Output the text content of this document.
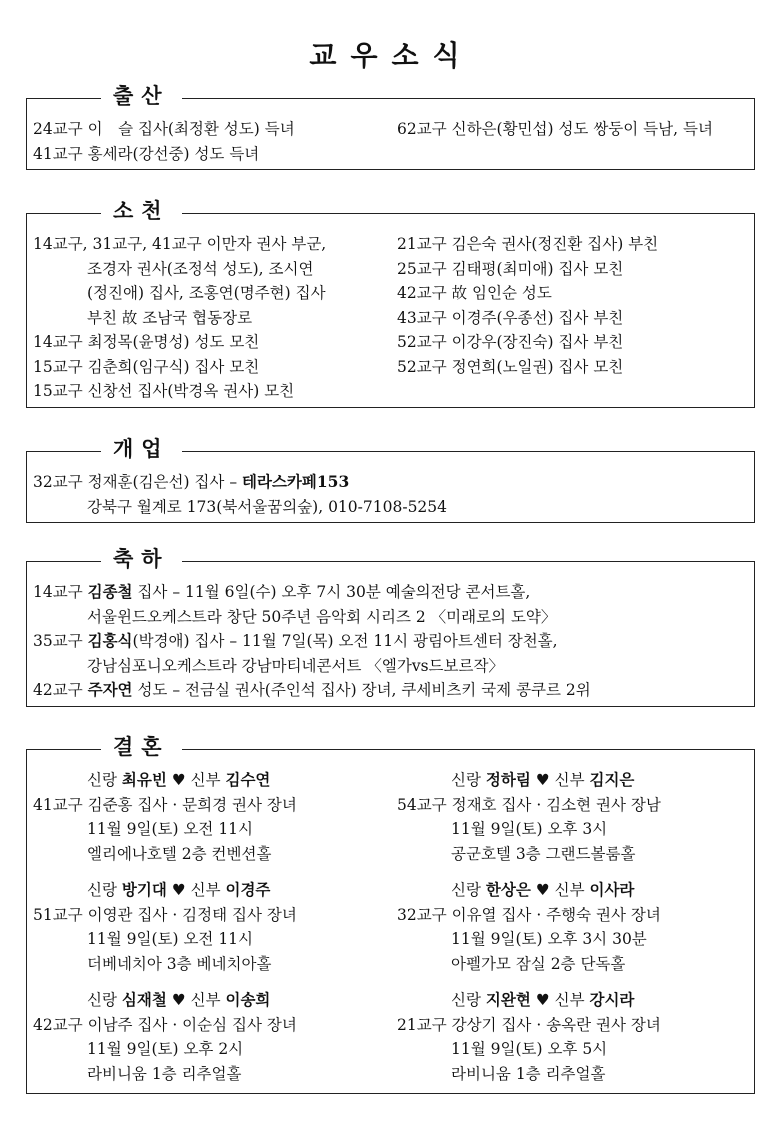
교우소식
출산
24교구 이　슬 집사(최정환 성도) 득녀
41교구 홍세라(강선중) 성도 득녀
62교구 신하은(황민섭) 성도 쌍둥이 득남, 득녀
소천
14교구, 31교구, 41교구 이만자 권사 부군,
조경자 권사(조정석 성도), 조시연
(정진애) 집사, 조홍연(명주현) 집사
부친 故 조남국 협동장로
14교구 최정목(윤명성) 성도 모친
15교구 김춘희(임구식) 집사 모친
15교구 신창선 집사(박경옥 권사) 모친
21교구 김은숙 권사(정진환 집사) 부친
25교구 김태평(최미애) 집사 모친
42교구 故 임인순 성도
43교구 이경주(우종선) 집사 부친
52교구 이강우(장진숙) 집사 부친
52교구 정연희(노일권) 집사 모친
개업
32교구 정재훈(김은선) 집사 – 테라스카페153
강북구 월계로 173(북서울꿈의숲), 010-7108-5254
축하
14교구 김종철 집사 – 11월 6일(수) 오후 7시 30분 예술의전당 콘서트홀,
서울윈드오케스트라 창단 50주년 음악회 시리즈 2 〈미래로의 도약〉
35교구 김홍식(박경애) 집사 – 11월 7일(목) 오전 11시 광림아트센터 장천홀,
강남심포니오케스트라 강남마티네콘서트 〈엘가vs드보르작〉
42교구 주자연 성도 – 전금실 권사(주인석 집사) 장녀, 쿠세비츠키 국제 콩쿠르 2위
결혼
신랑 최유빈 ♥ 신부 김수연
41교구 김준홍 집사 · 문희경 권사 장녀
11월 9일(토) 오전 11시
엘리에나호텔 2층 컨벤션홀
신랑 방기대 ♥ 신부 이경주
51교구 이영관 집사 · 김정태 집사 장녀
11월 9일(토) 오전 11시
더베네치아 3층 베네치아홀
신랑 심재철 ♥ 신부 이송희
42교구 이남주 집사 · 이순심 집사 장녀
11월 9일(토) 오후 2시
라비니움 1층 리추얼홀
신랑 정하림 ♥ 신부 김지은
54교구 정재호 집사 · 김소현 권사 장남
11월 9일(토) 오후 3시
공군호텔 3층 그랜드볼룸홀
신랑 한상은 ♥ 신부 이사라
32교구 이유열 집사 · 주행숙 권사 장녀
11월 9일(토) 오후 3시 30분
아펠가모 잠실 2층 단독홀
신랑 지완현 ♥ 신부 강시라
21교구 강상기 집사 · 송옥란 권사 장녀
11월 9일(토) 오후 5시
라비니움 1층 리추얼홀
